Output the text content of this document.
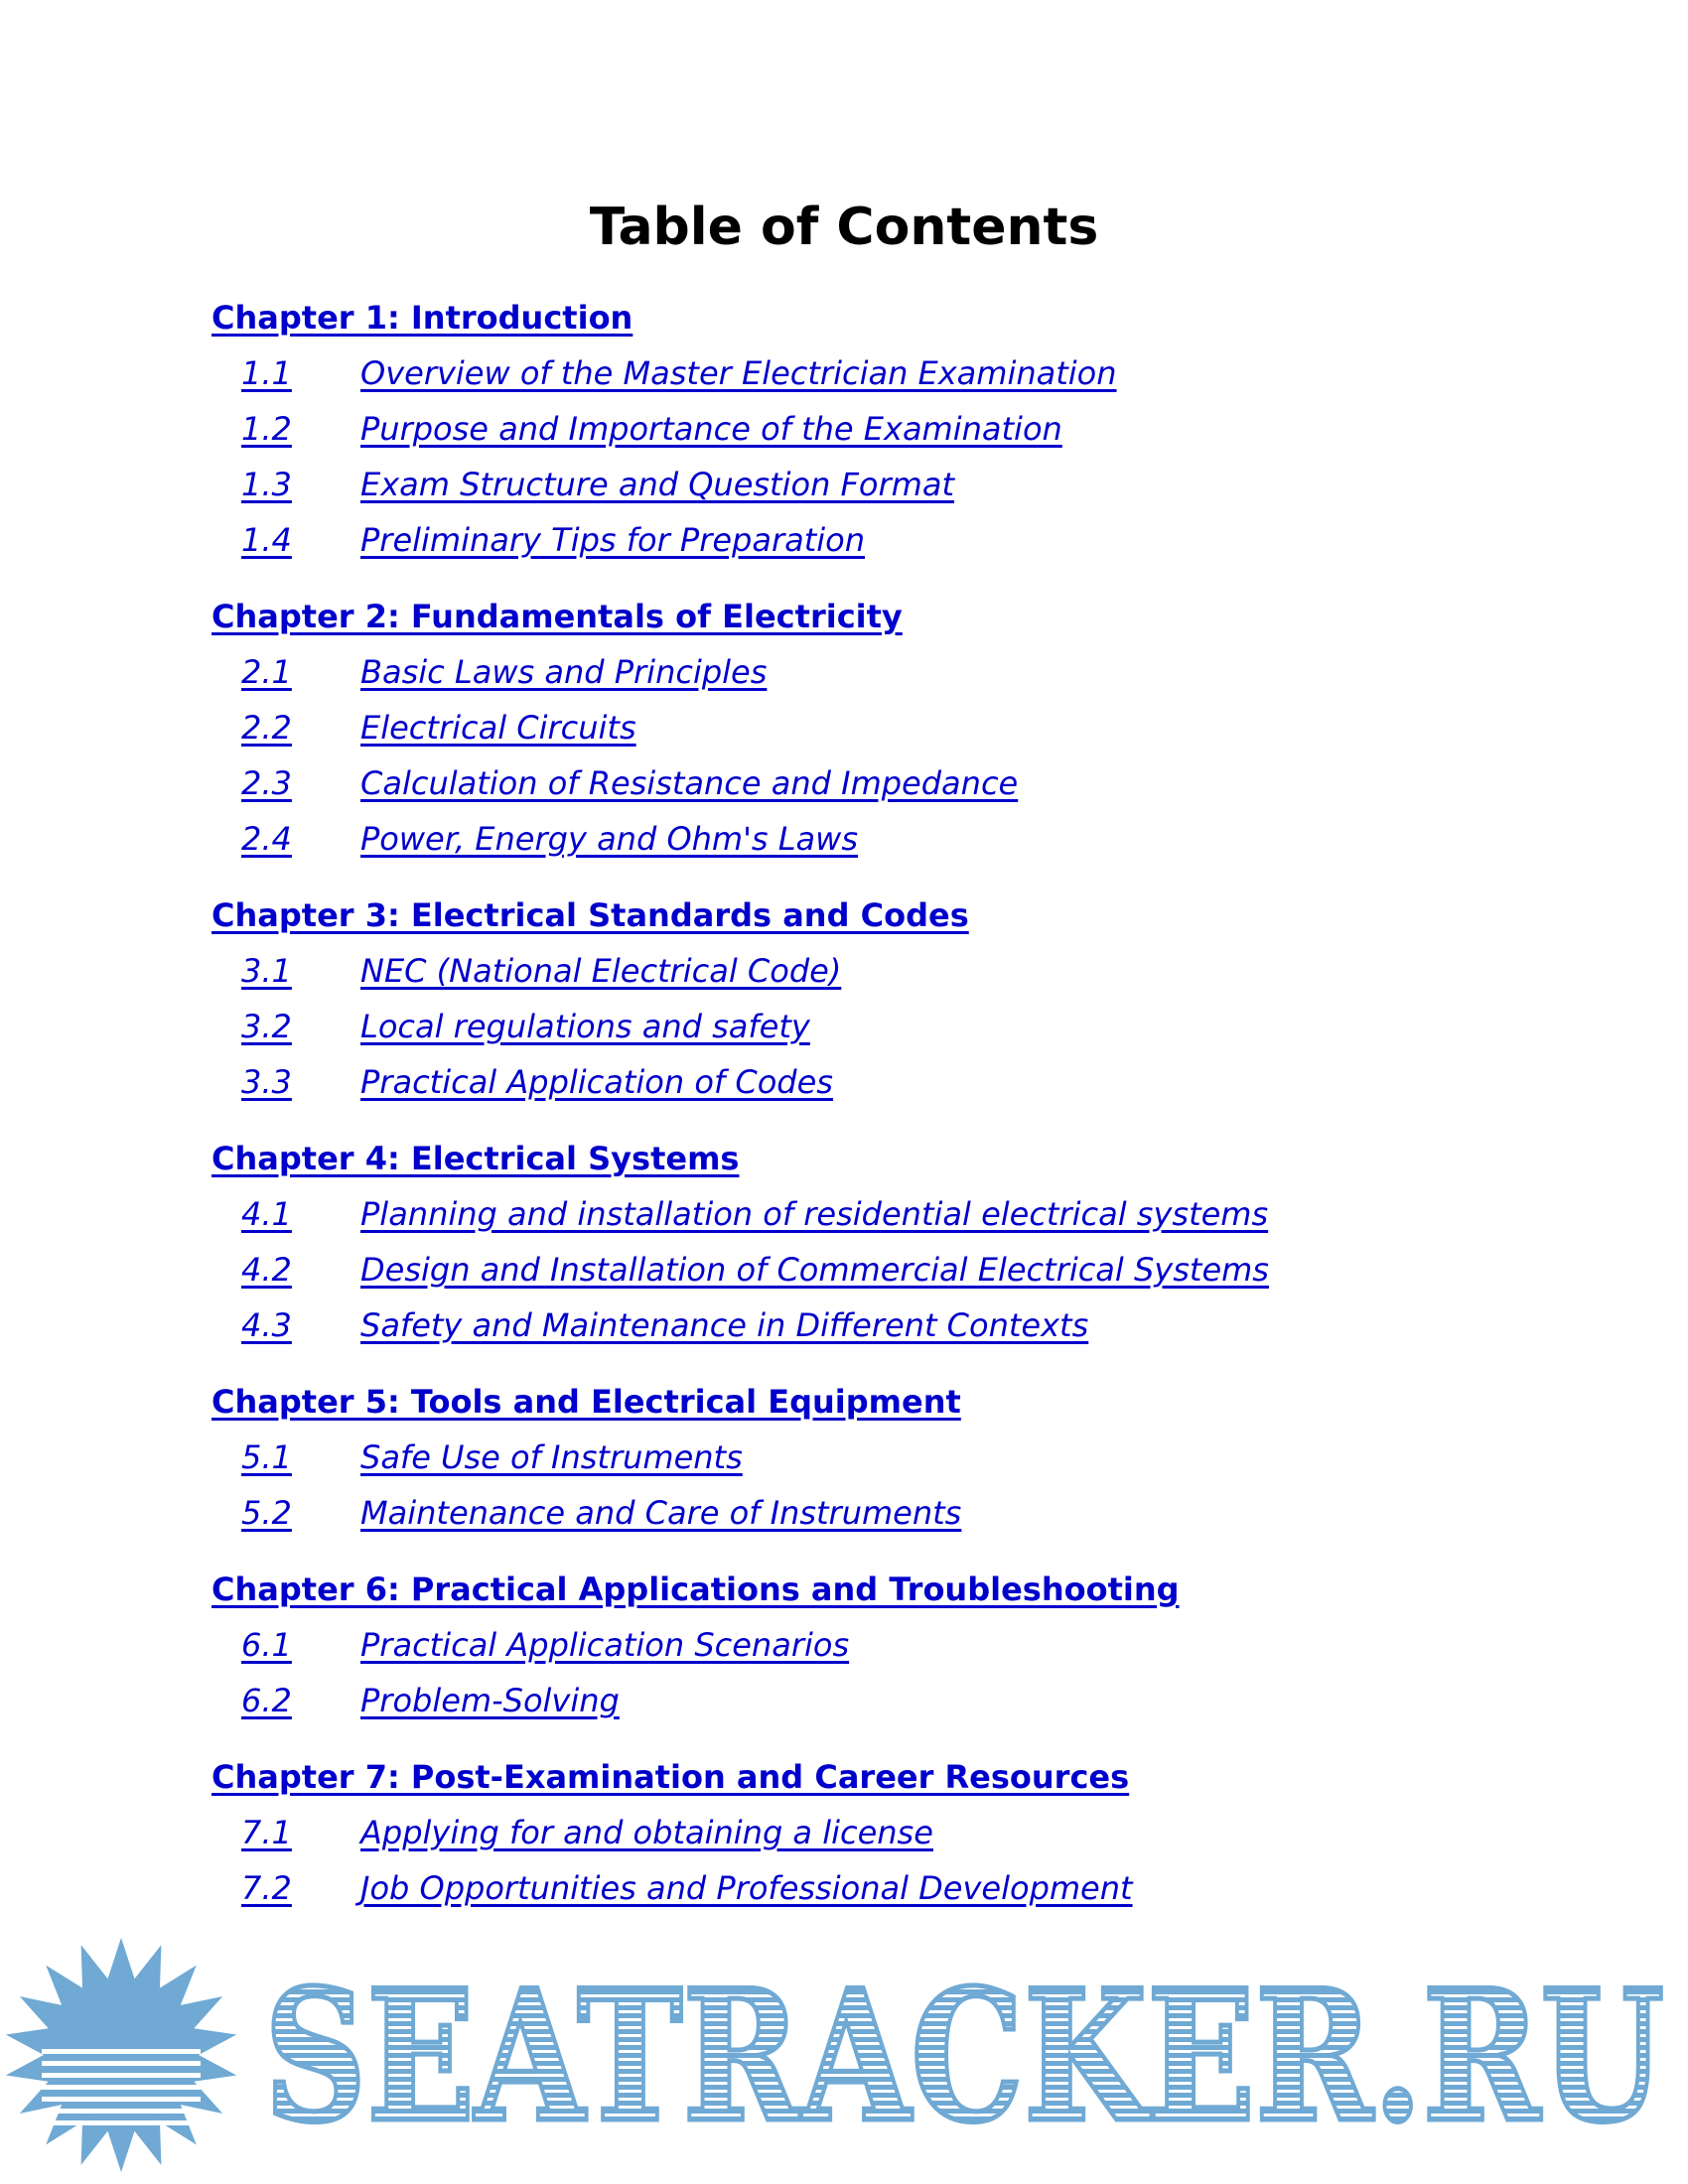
Table of Contents
Chapter 1: Introduction
1.1	Overview of the Master Electrician Examination
1.2	Purpose and Importance of the Examination
1.3	Exam Structure and Question Format
1.4	Preliminary Tips for Preparation
Chapter 2: Fundamentals of Electricity
2.1	Basic Laws and Principles
2.2	Electrical Circuits
2.3	Calculation of Resistance and Impedance
2.4	Power, Energy and Ohm's Laws
Chapter 3: Electrical Standards and Codes
3.1	NEC (National Electrical Code)
3.2	Local regulations and safety
3.3	Practical Application of Codes
Chapter 4: Electrical Systems
4.1	Planning and installation of residential electrical systems
4.2	Design and Installation of Commercial Electrical Systems
4.3	Safety and Maintenance in Different Contexts
Chapter 5: Tools and Electrical Equipment
5.1	Safe Use of Instruments
5.2	Maintenance and Care of Instruments
Chapter 6: Practical Applications and Troubleshooting
6.1	Practical Application Scenarios
6.2	Problem-Solving
Chapter 7: Post-Examination and Career Resources
7.1	Applying for and obtaining a license
7.2	Job Opportunities and Professional Development
SEATRACKER.RU
